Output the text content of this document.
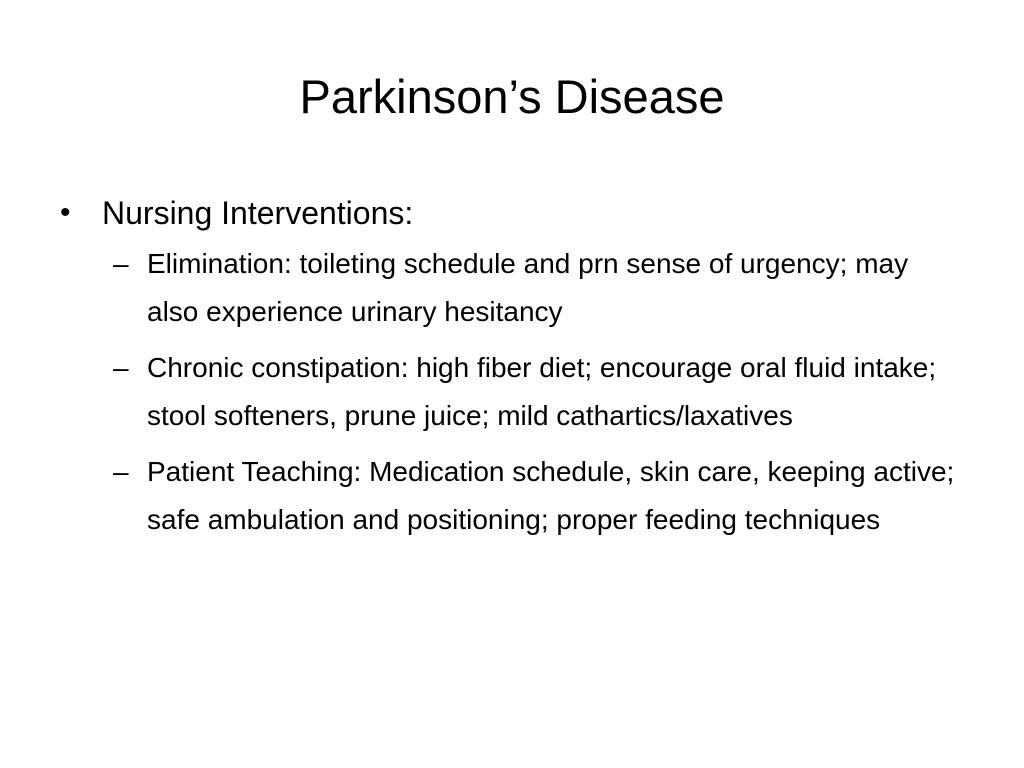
Parkinson’s Disease
• Nursing Interventions:
– Elimination: toileting schedule and prn sense of urgency; may also experience urinary hesitancy
– Chronic constipation: high fiber diet; encourage oral fluid intake; stool softeners, prune juice; mild cathartics/laxatives
– Patient Teaching: Medication schedule, skin care, keeping active; safe ambulation and positioning; proper feeding techniques
